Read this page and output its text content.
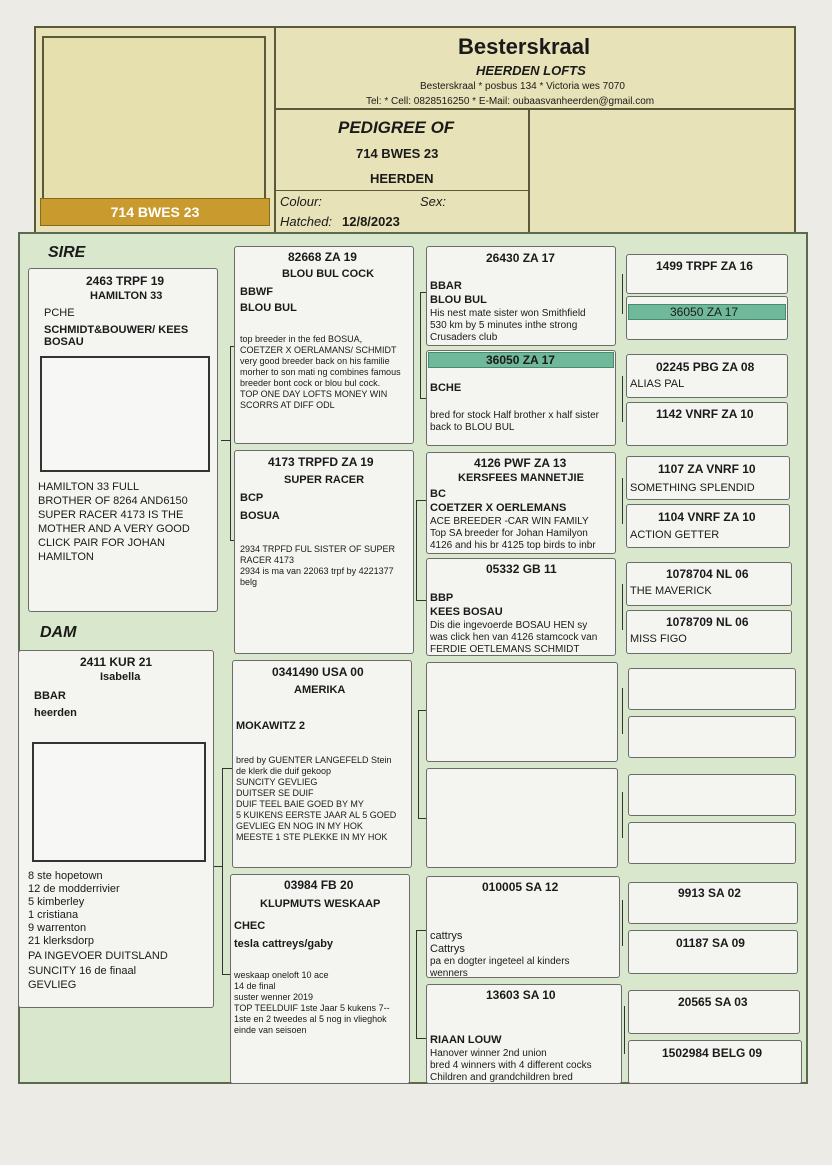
714 BWES 23
Besterskraal
HEERDEN LOFTS
Besterskraal * posbus 134 * Victoria wes 7070
Tel: * Cell: 0828516250 * E-Mail: oubaasvanheerden@gmail.com
PEDIGREE OF
714 BWES 23
HEERDEN
Colour:	Sex:
Hatched: 12/8/2023
SIRE
2463 TRPF 19
HAMILTON 33
PCHE
SCHMIDT&BOUWER/ KEES
BOSAU
HAMILTON 33 FULL
BROTHER OF 8264 AND6150
SUPER RACER 4173 IS THE
MOTHER AND A VERY GOOD
CLICK PAIR FOR JOHAN
HAMILTON
DAM
2411 KUR 21
Isabella
BBAR
heerden
8 ste hopetown
12 de modderrivier
5 kimberley
1 cristiana
9 warrenton
21 klerksdorp
PA INGEVOER DUITSLAND
SUNCITY 16 de finaal
GEVLIEG
82668 ZA 19
BLOU BUL COCK
BBWF
BLOU BUL
top breeder in the fed BOSUA,
COETZER X OERLAMANS/ SCHMIDT
very good breeder back on his familie
morher to son mati ng combines famous
breeder bont cock or blou bul cock.
TOP ONE DAY LOFTS MONEY WIN
SCORRS AT DIFF ODL
4173 TRPFD ZA 19
SUPER RACER
BCP
BOSUA
2934 TRPFD FUL SISTER OF SUPER
RACER 4173
2934 is ma van 22063 trpf by 4221377
belg
0341490 USA 00
AMERIKA
MOKAWITZ 2
bred by GUENTER LANGEFELD Stein
de klerk die duif gekoop
SUNCITY GEVLIEG
DUITSER SE DUIF
DUIF TEEL BAIE GOED BY MY
5 KUIKENS EERSTE JAAR AL 5 GOED
GEVLIEG EN NOG IN MY HOK
MEESTE 1 STE PLEKKE IN MY HOK
03984 FB 20
KLUPMUTS WESKAAP
CHEC
tesla cattreys/gaby
weskaap oneloft 10 ace
14 de final
suster wenner 2019
TOP TEELDUIF 1ste Jaar 5 kukens 7--
1ste en 2 tweedes al 5 nog in vlieghok
einde van seisoen
26430 ZA 17
BBAR
BLOU BUL
His nest mate sister won Smithfield
530 km by 5 minutes inthe strong
Crusaders club
36050 ZA 17
BCHE
bred for stock Half brother x half sister
back to BLOU BUL
4126 PWF ZA 13
KERSFEES MANNETJIE
BC
COETZER X OERLEMANS
ACE BREEDER -CAR WIN FAMILY
Top SA breeder for Johan Hamilyon
4126 and his br 4125 top birds to inbr
05332 GB 11
BBP
KEES BOSAU
Dis die ingevoerde BOSAU HEN sy
was click hen van 4126 stamcock van
FERDIE OETLEMANS SCHMIDT
010005 SA 12
cattrys
Cattrys
pa en dogter ingeteel al kinders
wenners
13603 SA 10
RIAAN LOUW
Hanover winner 2nd union
bred 4 winners with 4 different cocks
Children and grandchildren bred
1499 TRPF ZA 16
36050 ZA 17
02245 PBG ZA 08
ALIAS PAL
1142 VNRF ZA 10
1107 ZA VNRF 10
SOMETHING SPLENDID
1104 VNRF ZA 10
ACTION GETTER
1078704 NL 06
THE MAVERICK
1078709 NL 06
MISS FIGO
9913 SA 02
01187 SA 09
20565 SA 03
1502984 BELG 09
